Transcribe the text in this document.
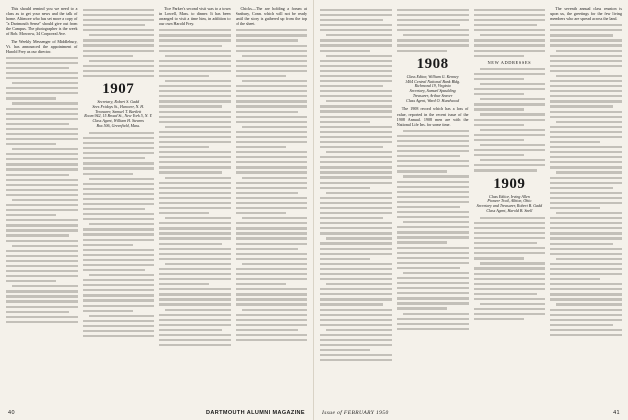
This should remind you we need to a class as to get your news and the talk of home. Altimore who has set more a copy of "a Dartmouth Sense" should give out from the Campus. The photographer is the week of Bob. Mowrow, 34 Corporeal Ave.

The Weekly Messenger of Middlebury, Vt. has announced the appointment of Harold Frey as our director.

1907
Secretary, Robert S. Gadd
Sees Fridays St., Hanover, N. H.
Treasurer, Samuel T. Bartlett
Room 942, 15 Broad St., New York 5, N. Y.
Class Agent, William H. Stearns
Box 506, Greenfield, Mass.

Tice Parker's second visit was to a town in Lowell, Mass. to dinner. It has been arranged to visit a time him, in addition to our own Harold Frey.

Chicks—The are holding a forum at Sanbury, Conn. which will not be ready until the story is gathered up from the top of the sheet.

40	DARTMOUTH ALUMNI MAGAZINE
1908
Class Editor, William G. Kenney
1404 Central National Bank Bldg.
Richmond 19, Virginia
Secretary, Samuel Spaulding
Treasurer, Arthur Seaver
Class Agent, Ward O. Hundwood

The 1908 record which has a loss of value, reported in the recent issue of the 1908 Annual. 1908 men are with the National Life Ins. for some time.

NEW ADDRESSES
1909
Class Editor, Irving Allen
Pioneer Trail, Albion, Ohio
Secretary and Treasurer, Robert B. Gadd
Class Agent, Harold B. Snell

The seventh annual class reunion is upon us, the greetings for the few living members who are spread across the land.

Issue of FEBRUARY 1950	41
